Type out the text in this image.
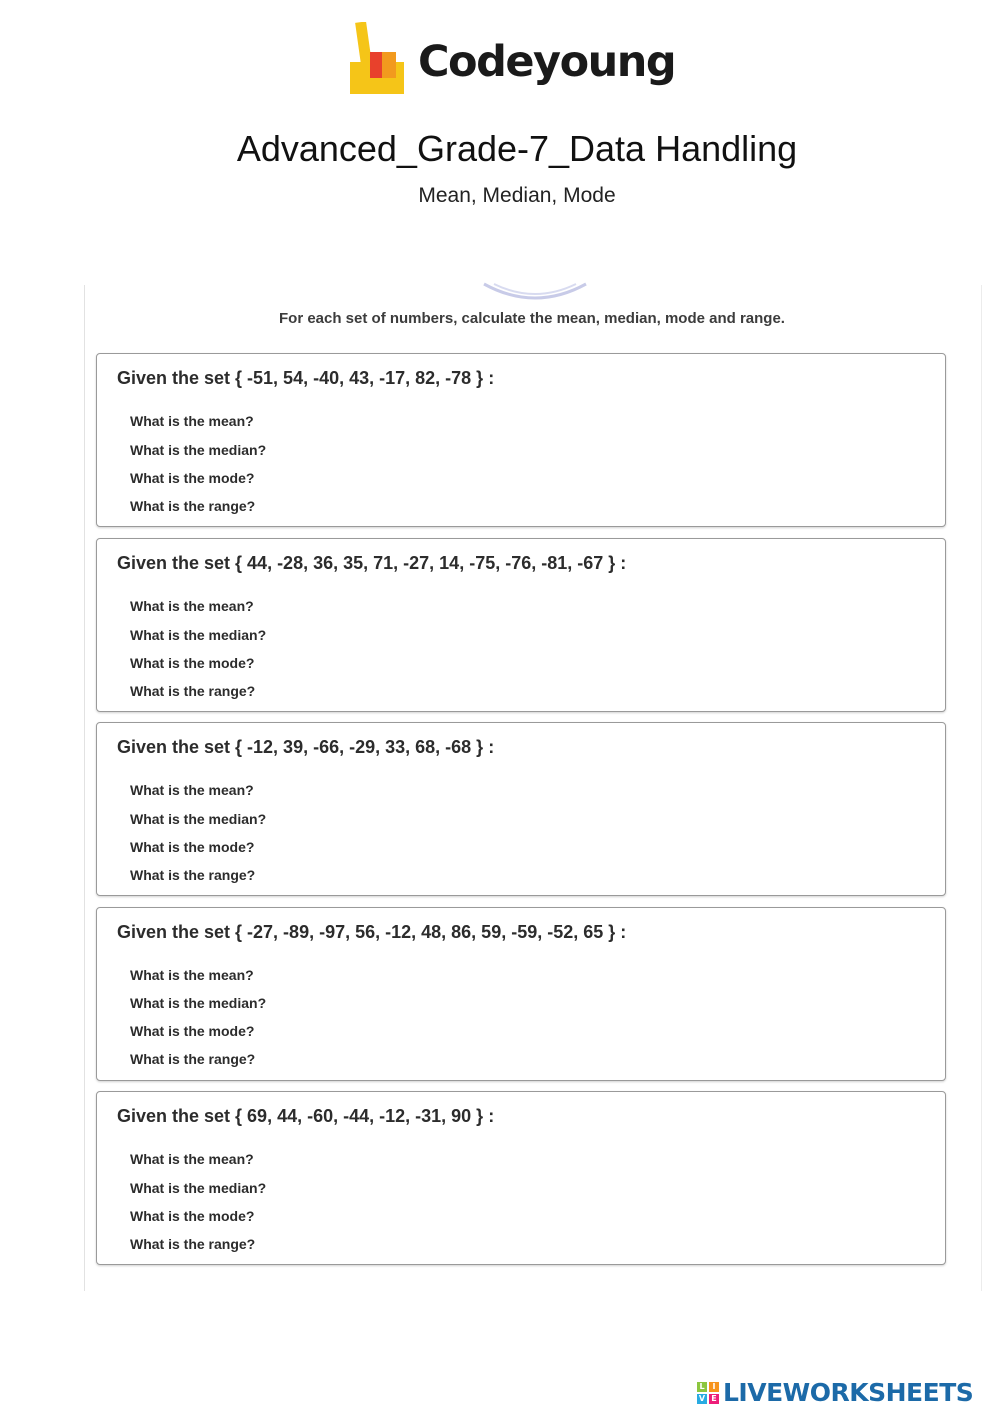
Codeyoung
Advanced_Grade-7_Data Handling
Mean, Median, Mode
For each set of numbers, calculate the mean, median, mode and range.
Given the set { -51, 54, -40, 43, -17, 82, -78 } :
What is the mean?
What is the median?
What is the mode?
What is the range?
Given the set { 44, -28, 36, 35, 71, -27, 14, -75, -76, -81, -67 } :
What is the mean?
What is the median?
What is the mode?
What is the range?
Given the set { -12, 39, -66, -29, 33, 68, -68 } :
What is the mean?
What is the median?
What is the mode?
What is the range?
Given the set { -27, -89, -97, 56, -12, 48, 86, 59, -59, -52, 65 } :
What is the mean?
What is the median?
What is the mode?
What is the range?
Given the set { 69, 44, -60, -44, -12, -31, 90 } :
What is the mean?
What is the median?
What is the mode?
What is the range?
L I
V E LIVEWORKSHEETS
